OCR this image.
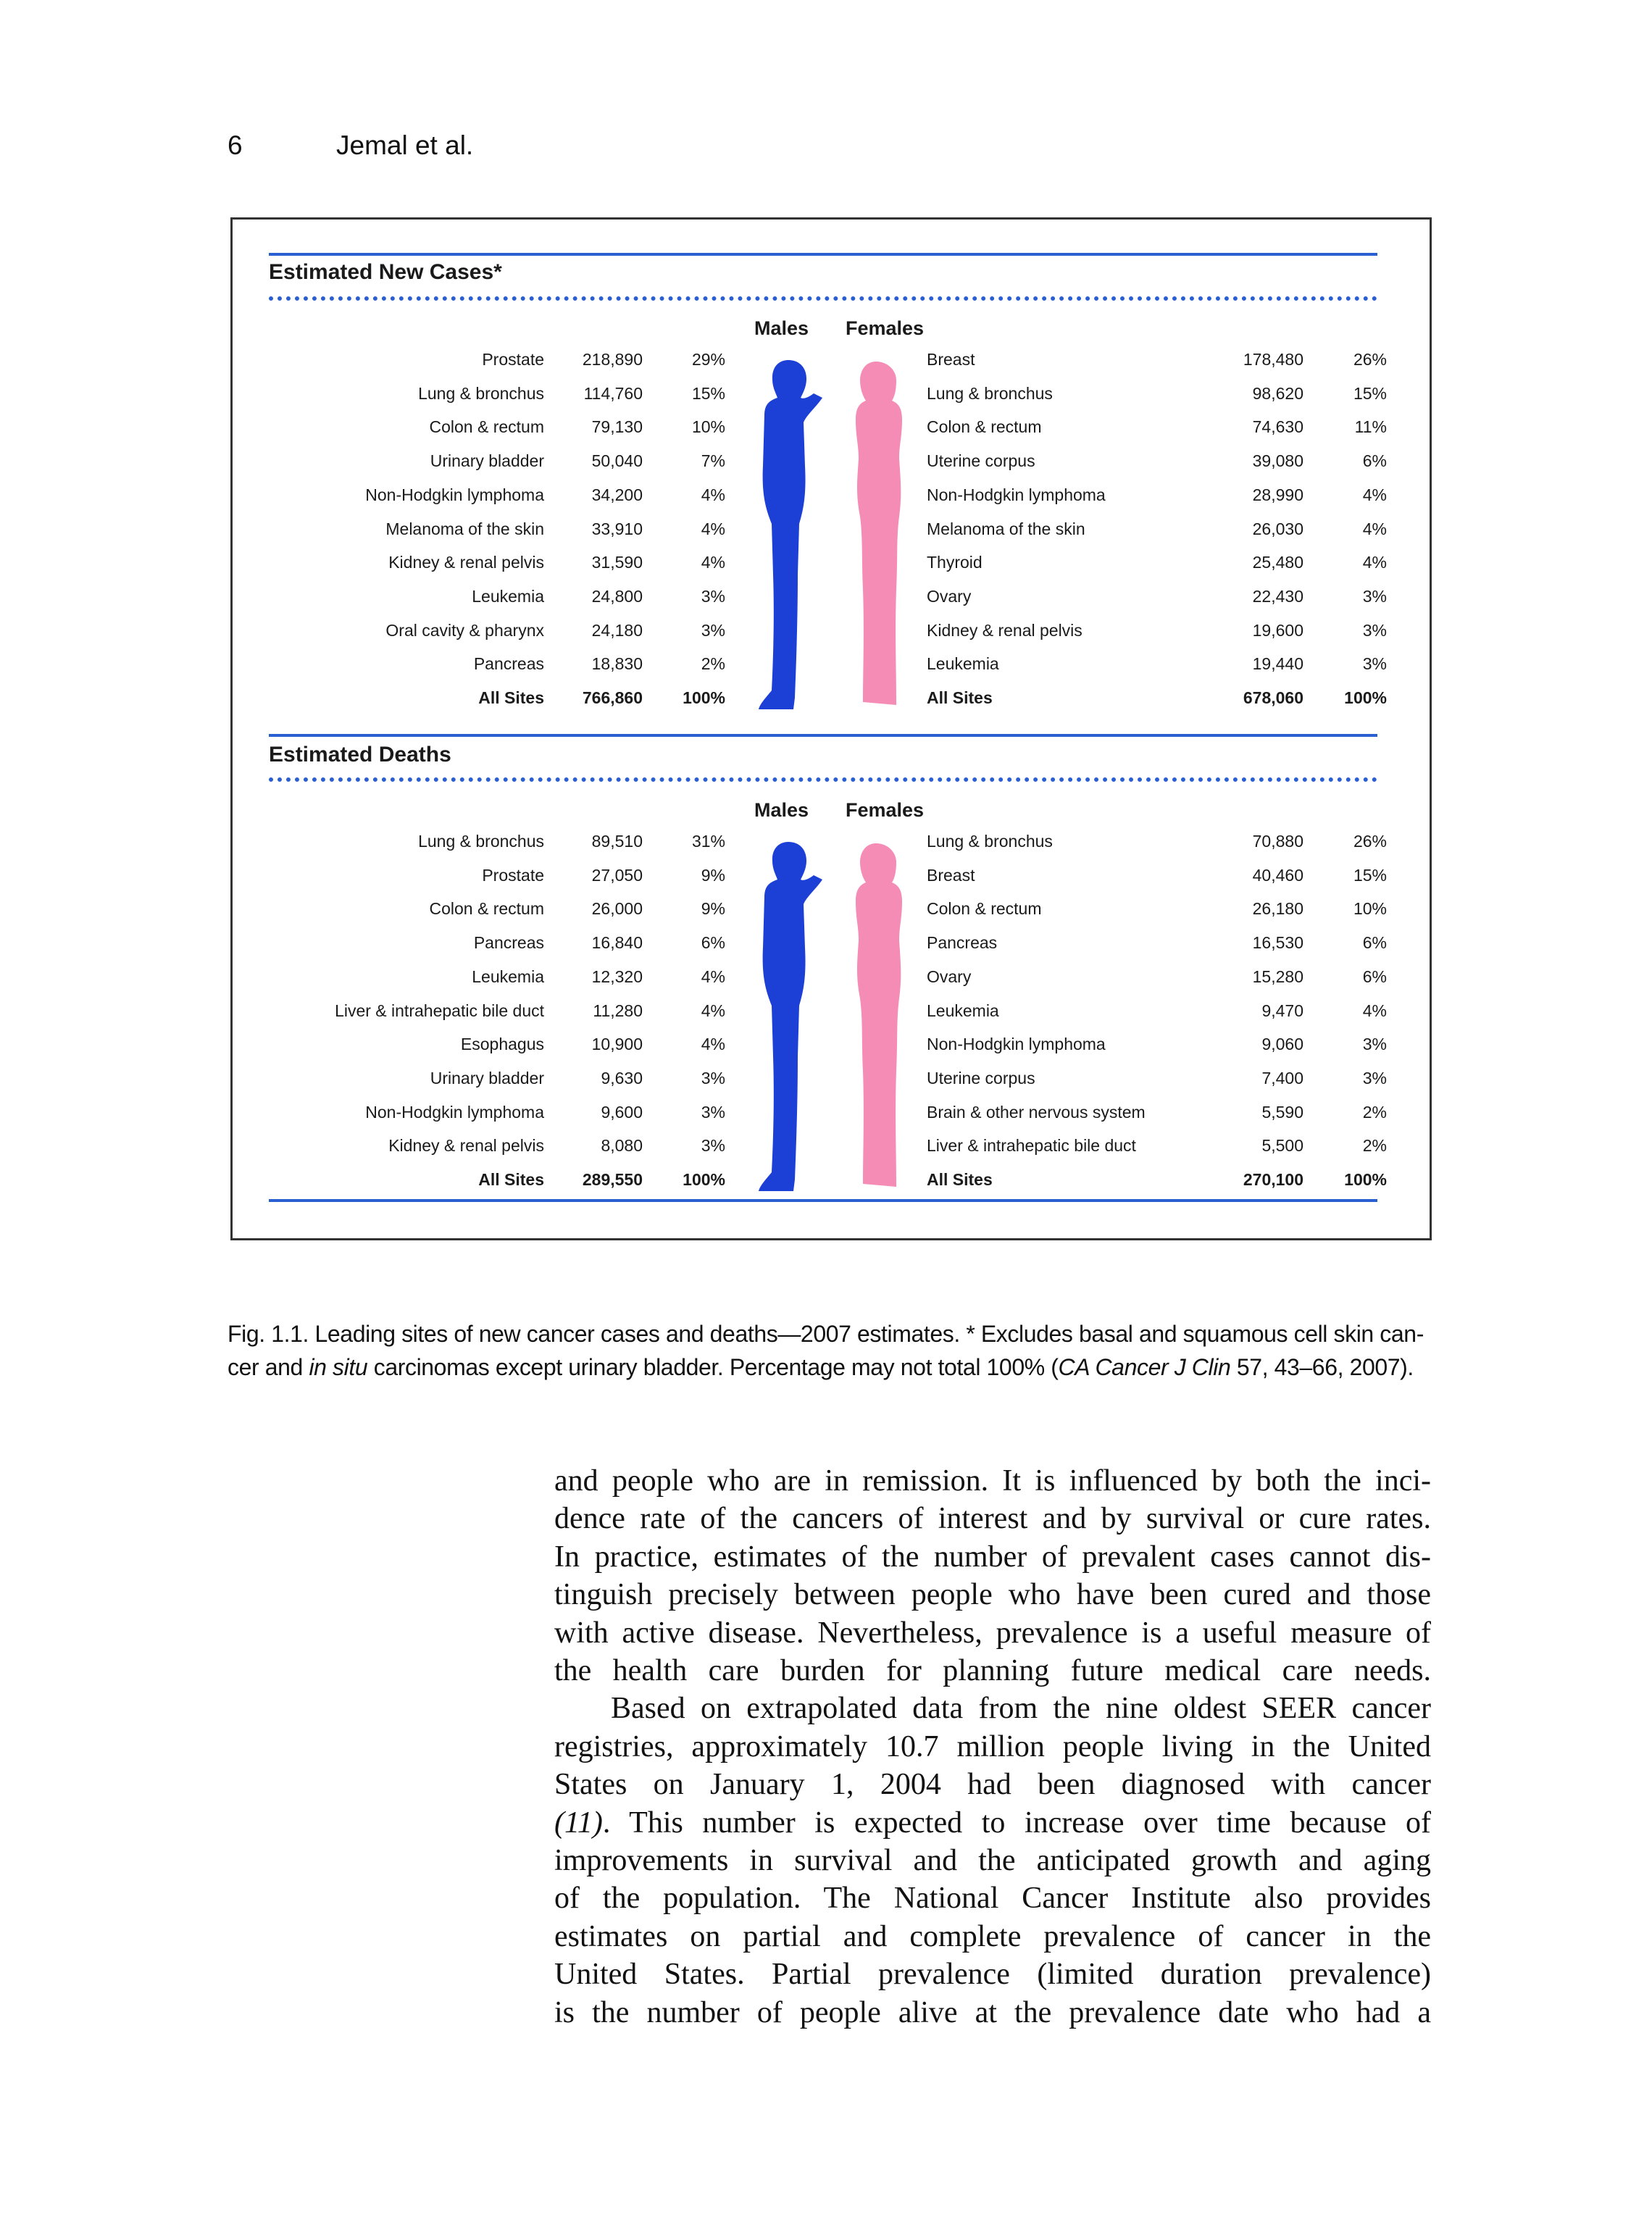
6	Jemal et al.
Estimated New Cases*
Males Females
Prostate 218,890	29%	Breast	178,480	26%
Lung & bronchus 114,760	15%	Lung & bronchus	98,620	15%
Colon & rectum	79,130	10%	Colon & rectum	74,630	11%
Urinary bladder	50,040	7%	Uterine corpus	39,080	6%
Non-Hodgkin lymphoma	34,200	4%	Non-Hodgkin lymphoma	28,990	4%
Melanoma of the skin	33,910	4%	Melanoma of the skin	26,030	4%
Kidney & renal pelvis	31,590	4%	Thyroid	25,480	4%
Leukemia	24,800	3%	Ovary	22,430	3%
Oral cavity & pharynx	24,180	3%	Kidney & renal pelvis	19,600	3%
Pancreas	18,830	2%	Leukemia	19,440	3%
All Sites 766,860 100%	All Sites	678,060 100%
Estimated Deaths
Males Females
Lung & bronchus	89,510	31%	Lung & bronchus	70,880	26%
Prostate	27,050	9%	Breast	40,460	15%
Colon & rectum	26,000	9%	Colon & rectum	26,180	10%
Pancreas	16,840	6%	Pancreas	16,530	6%
Leukemia	12,320	4%	Ovary	15,280	6%
Liver & intrahepatic bile duct	11,280	4%	Leukemia	9,470	4%
Esophagus	10,900	4%	Non-Hodgkin lymphoma	9,060	3%
Urinary bladder	9,630	3%	Uterine corpus	7,400	3%
Non-Hodgkin lymphoma	9,600	3%	Brain & other nervous system	5,590	2%
Kidney & renal pelvis	8,080	3%	Liver & intrahepatic bile duct	5,500	2%
All Sites 289,550 100%	All Sites	270,100 100%

Fig. 1.1. Leading sites of new cancer cases and deaths—2007 estimates. * Excludes basal and squamous cell skin can-

cer and in situ carcinomas except urinary bladder. Percentage may not total 100% (CA Cancer J Clin 57, 43–66, 2007).

and people who are in remission. It is influenced by both the inci-

dence rate of the cancers of interest and by survival or cure rates.

In practice, estimates of the number of prevalent cases cannot dis-

tinguish precisely between people who have been cured and those

with active disease. Nevertheless, prevalence is a useful measure of

the health care burden for planning future medical care needs.

Based on extrapolated data from the nine oldest SEER cancer

registries, approximately 10.7 million people living in the United

States on January 1, 2004 had been diagnosed with cancer

(11). This number is expected to increase over time because of

improvements in survival and the anticipated growth and aging

of the population. The National Cancer Institute also provides

estimates on partial and complete prevalence of cancer in the

United States. Partial prevalence (limited duration prevalence)

is the number of people alive at the prevalence date who had a
